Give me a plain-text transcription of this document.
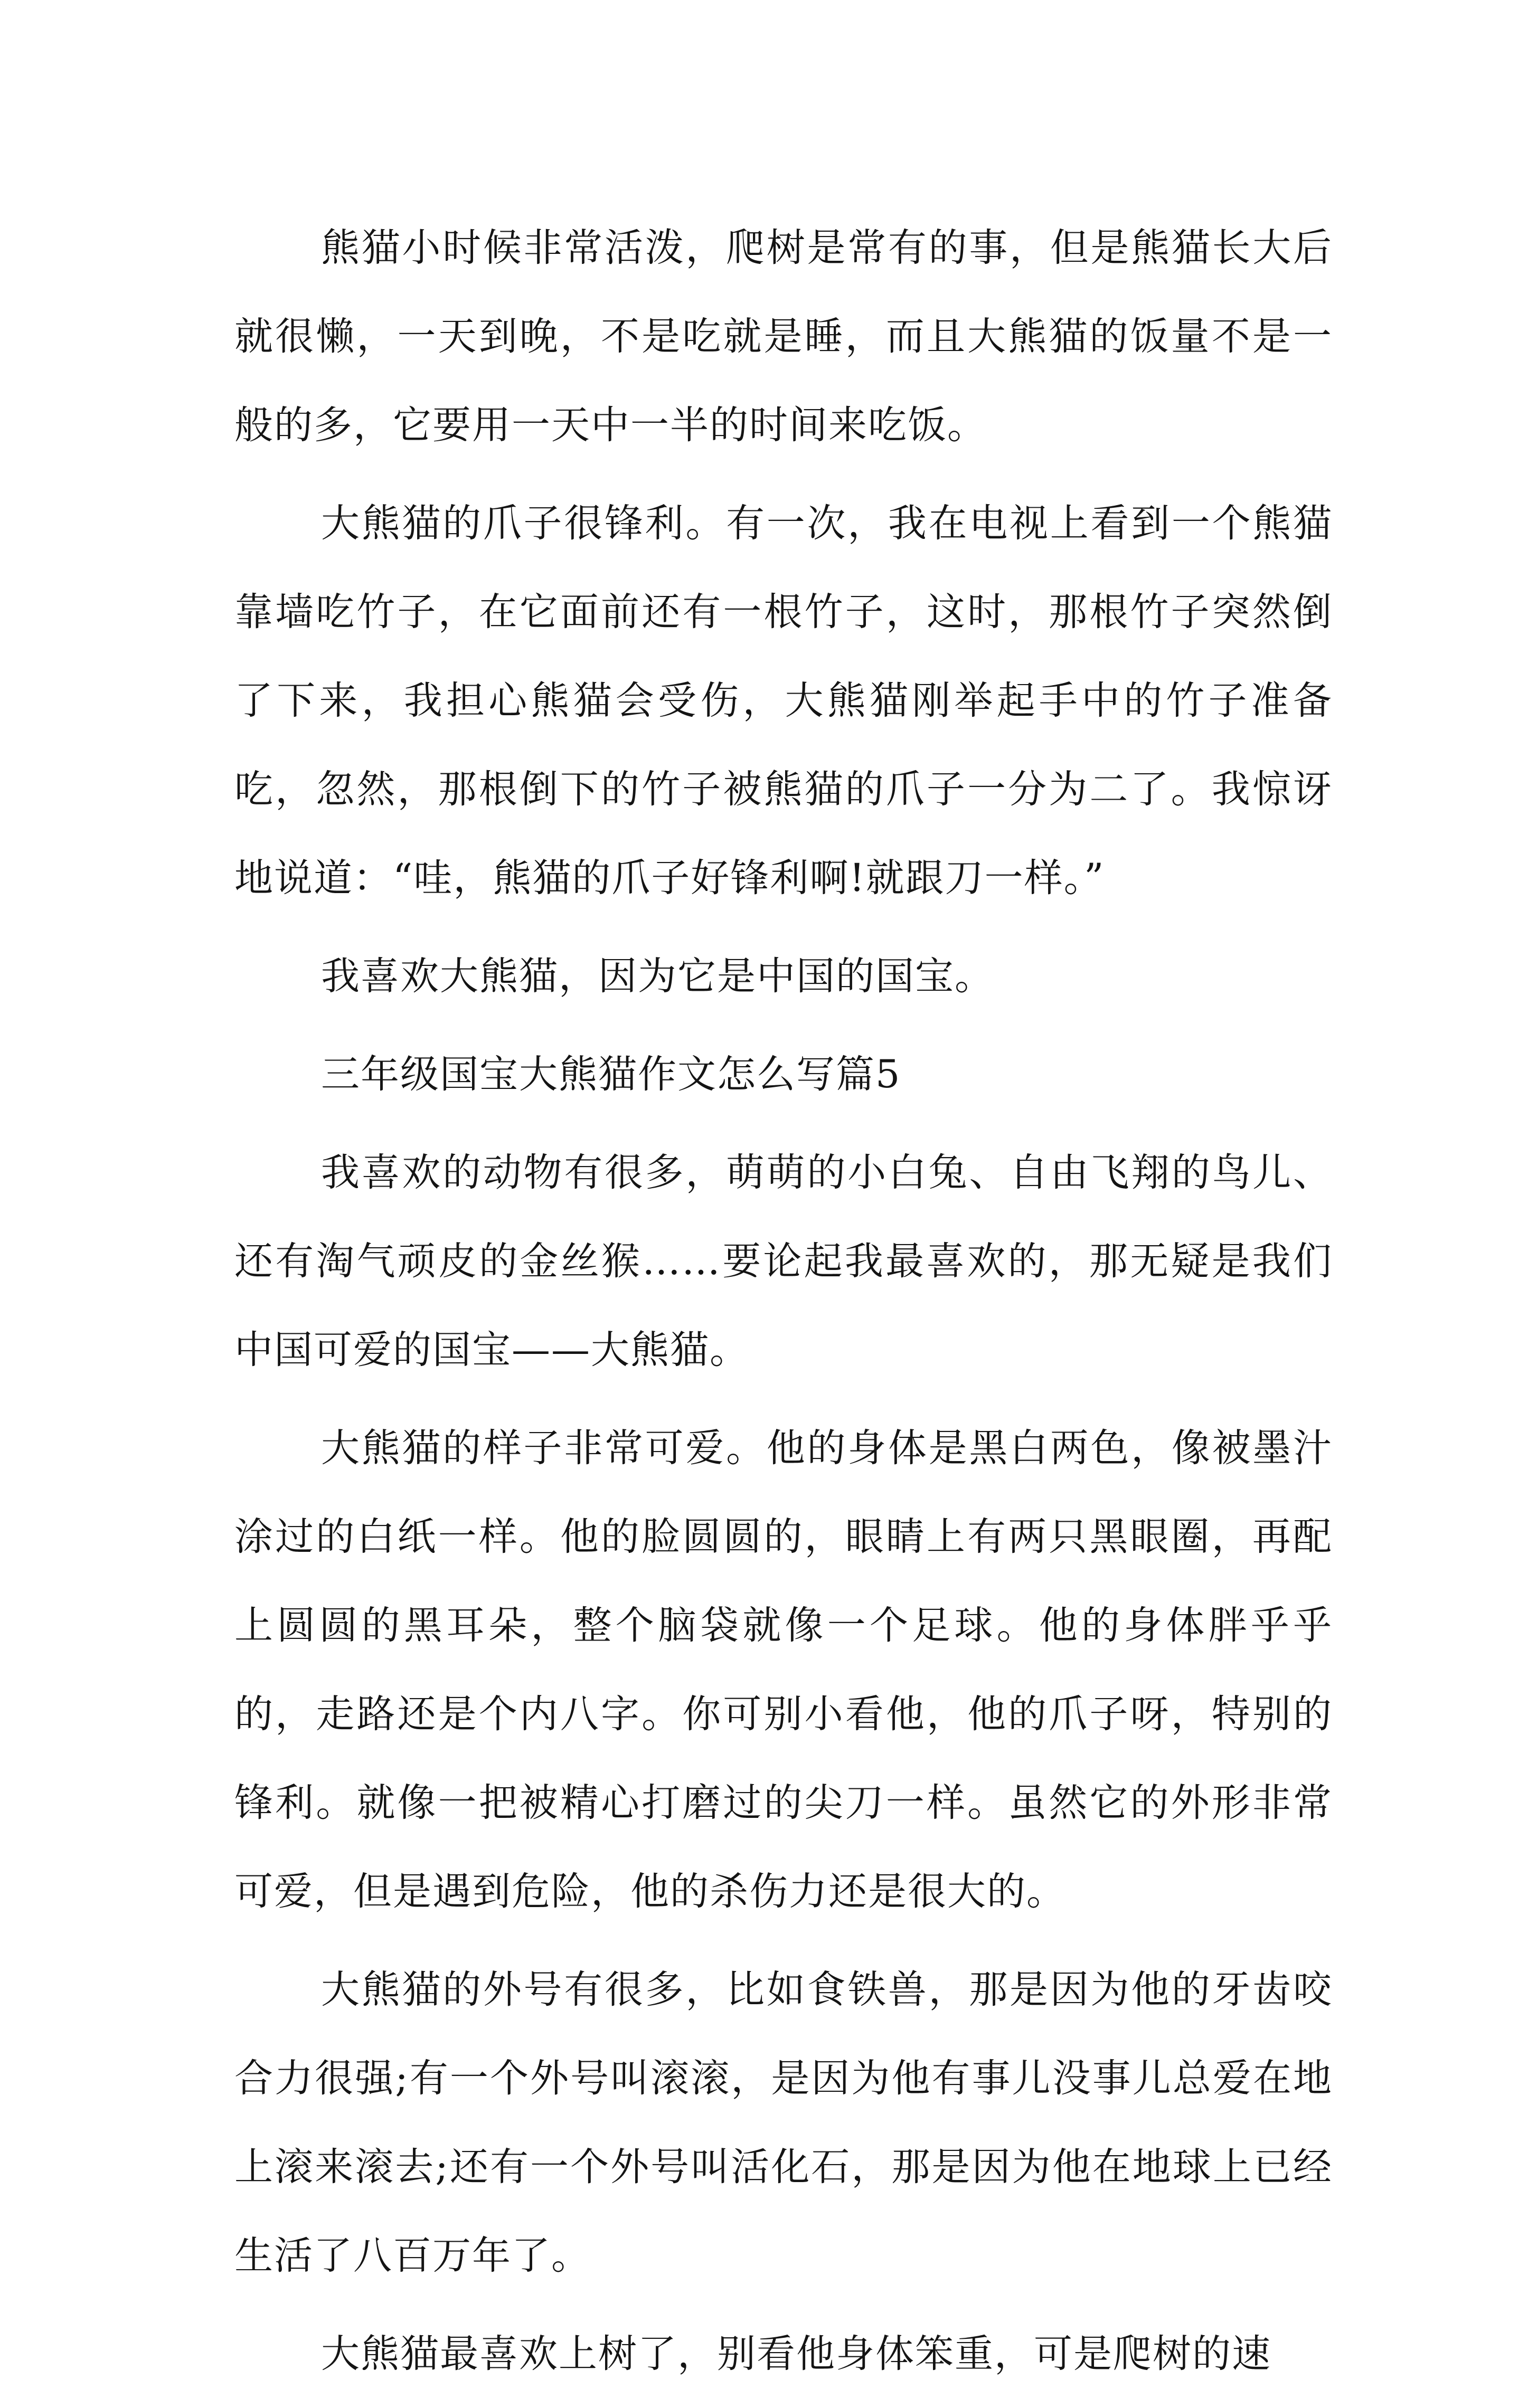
熊猫小时候非常活泼，爬树是常有的事，但是熊猫长大后就很懒，一天到晚，不是吃就是睡，而且大熊猫的饭量不是一般的多，它要用一天中一半的时间来吃饭。

大熊猫的爪子很锋利。有一次，我在电视上看到一个熊猫靠墙吃竹子，在它面前还有一根竹子，这时，那根竹子突然倒了下来，我担心熊猫会受伤，大熊猫刚举起手中的竹子准备吃，忽然，那根倒下的竹子被熊猫的爪子一分为二了。我惊讶地说道：“哇，熊猫的爪子好锋利啊!就跟刀一样。”

我喜欢大熊猫，因为它是中国的国宝。

三年级国宝大熊猫作文怎么写篇5

我喜欢的动物有很多，萌萌的小白兔、自由飞翔的鸟儿、还有淘气顽皮的金丝猴……要论起我最喜欢的，那无疑是我们中国可爱的国宝——大熊猫。

大熊猫的样子非常可爱。他的身体是黑白两色，像被墨汁涂过的白纸一样。他的脸圆圆的，眼睛上有两只黑眼圈，再配上圆圆的黑耳朵，整个脑袋就像一个足球。他的身体胖乎乎的，走路还是个内八字。你可别小看他，他的爪子呀，特别的锋利。就像一把被精心打磨过的尖刀一样。虽然它的外形非常可爱，但是遇到危险，他的杀伤力还是很大的。

大熊猫的外号有很多，比如食铁兽，那是因为他的牙齿咬合力很强;有一个外号叫滚滚，是因为他有事儿没事儿总爱在地上滚来滚去;还有一个外号叫活化石，那是因为他在地球上已经生活了八百万年了。

大熊猫最喜欢上树了，别看他身体笨重，可是爬树的速
